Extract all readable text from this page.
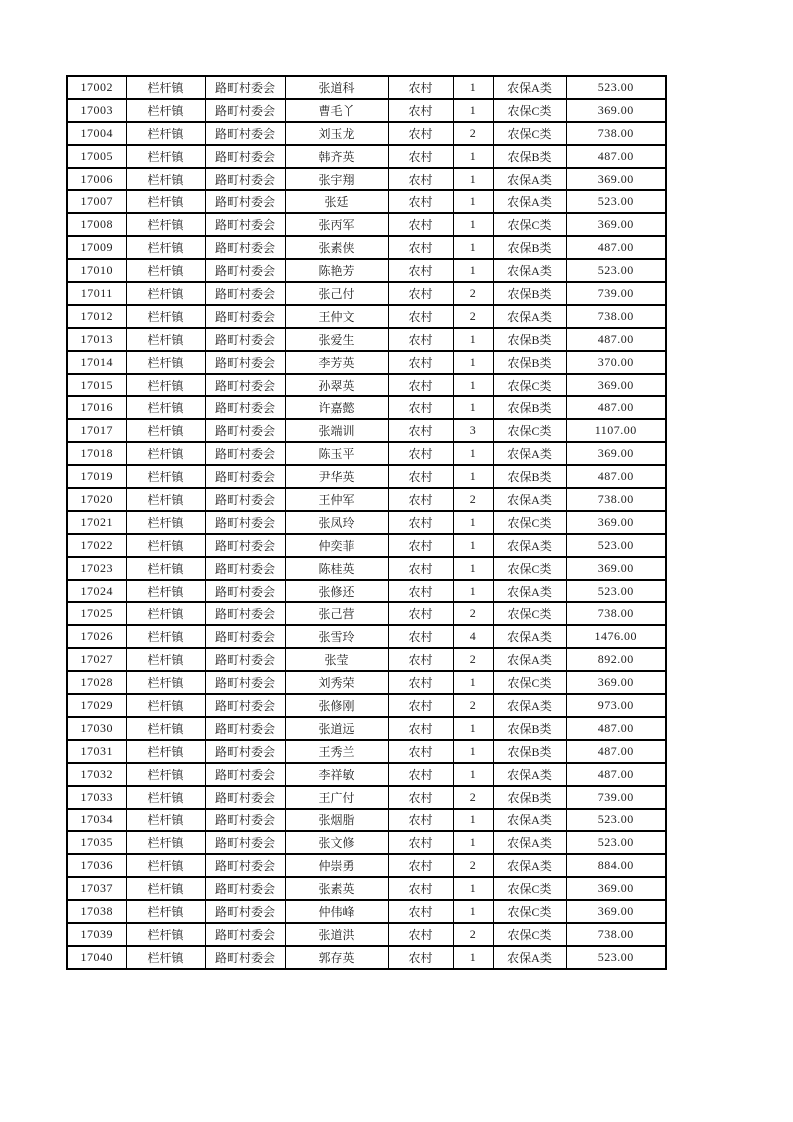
17002	栏杆镇	路町村委会	张道科	农村	1	农保A类	523.00
17003	栏杆镇	路町村委会	曹毛丫	农村	1	农保C类	369.00
17004	栏杆镇	路町村委会	刘玉龙	农村	2	农保C类	738.00
17005	栏杆镇	路町村委会	韩齐英	农村	1	农保B类	487.00
17006	栏杆镇	路町村委会	张宇翔	农村	1	农保A类	369.00
17007	栏杆镇	路町村委会	张廷	农村	1	农保A类	523.00
17008	栏杆镇	路町村委会	张丙军	农村	1	农保C类	369.00
17009	栏杆镇	路町村委会	张素侠	农村	1	农保B类	487.00
17010	栏杆镇	路町村委会	陈艳芳	农村	1	农保A类	523.00
17011	栏杆镇	路町村委会	张己付	农村	2	农保B类	739.00
17012	栏杆镇	路町村委会	王仲文	农村	2	农保A类	738.00
17013	栏杆镇	路町村委会	张爱生	农村	1	农保B类	487.00
17014	栏杆镇	路町村委会	李芳英	农村	1	农保B类	370.00
17015	栏杆镇	路町村委会	孙翠英	农村	1	农保C类	369.00
17016	栏杆镇	路町村委会	许嘉懿	农村	1	农保B类	487.00
17017	栏杆镇	路町村委会	张端训	农村	3	农保C类	1107.00
17018	栏杆镇	路町村委会	陈玉平	农村	1	农保A类	369.00
17019	栏杆镇	路町村委会	尹华英	农村	1	农保B类	487.00
17020	栏杆镇	路町村委会	王仲军	农村	2	农保A类	738.00
17021	栏杆镇	路町村委会	张凤玲	农村	1	农保C类	369.00
17022	栏杆镇	路町村委会	仲奕菲	农村	1	农保A类	523.00
17023	栏杆镇	路町村委会	陈桂英	农村	1	农保C类	369.00
17024	栏杆镇	路町村委会	张修还	农村	1	农保A类	523.00
17025	栏杆镇	路町村委会	张己营	农村	2	农保C类	738.00
17026	栏杆镇	路町村委会	张雪玲	农村	4	农保A类	1476.00
17027	栏杆镇	路町村委会	张莹	农村	2	农保A类	892.00
17028	栏杆镇	路町村委会	刘秀荣	农村	1	农保C类	369.00
17029	栏杆镇	路町村委会	张修刚	农村	2	农保A类	973.00
17030	栏杆镇	路町村委会	张道远	农村	1	农保B类	487.00
17031	栏杆镇	路町村委会	王秀兰	农村	1	农保B类	487.00
17032	栏杆镇	路町村委会	李祥敏	农村	1	农保A类	487.00
17033	栏杆镇	路町村委会	王广付	农村	2	农保B类	739.00
17034	栏杆镇	路町村委会	张烟脂	农村	1	农保A类	523.00
17035	栏杆镇	路町村委会	张文修	农村	1	农保A类	523.00
17036	栏杆镇	路町村委会	仲崇勇	农村	2	农保A类	884.00
17037	栏杆镇	路町村委会	张素英	农村	1	农保C类	369.00
17038	栏杆镇	路町村委会	仲伟峰	农村	1	农保C类	369.00
17039	栏杆镇	路町村委会	张道洪	农村	2	农保C类	738.00
17040	栏杆镇	路町村委会	郭存英	农村	1	农保A类	523.00
